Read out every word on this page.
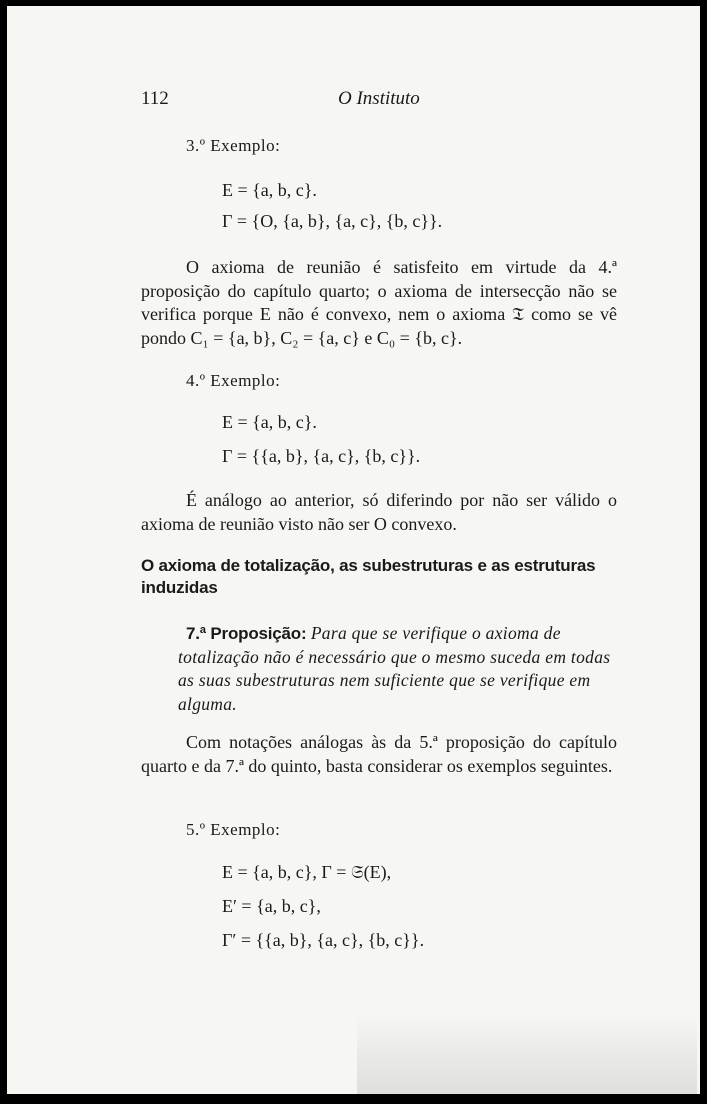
112	O Instituto
3.º Exemplo:
E = {a, b, c}.
Γ = {O, {a, b}, {a, c}, {b, c}}.
O axioma de reunião é satisfeito em virtude da 4.ª proposição do capítulo quarto; o axioma de intersecção não se verifica porque E não é convexo, nem o axioma 𝔗 como se vê pondo C₁ = {a, b}, C₂ = {a, c} e C₀ = {b, c}.
4.º Exemplo:
E = {a, b, c}.
Γ = {{a, b}, {a, c}, {b, c}}.
É análogo ao anterior, só diferindo por não ser válido o axioma de reunião visto não ser O convexo.
O axioma de totalização, as subestruturas e as estruturas induzidas
7.ª Proposição: Para que se verifique o axioma de totalização não é necessário que o mesmo suceda em todas as suas subestruturas nem suficiente que se verifique em alguma.
Com notações análogas às da 5.ª proposição do capítulo quarto e da 7.ª do quinto, basta considerar os exemplos seguintes.
5.º Exemplo:
E = {a, b, c}, Γ = 𝔖(E),
E′ = {a, b, c},
Γ′ = {{a, b}, {a, c}, {b, c}}.
